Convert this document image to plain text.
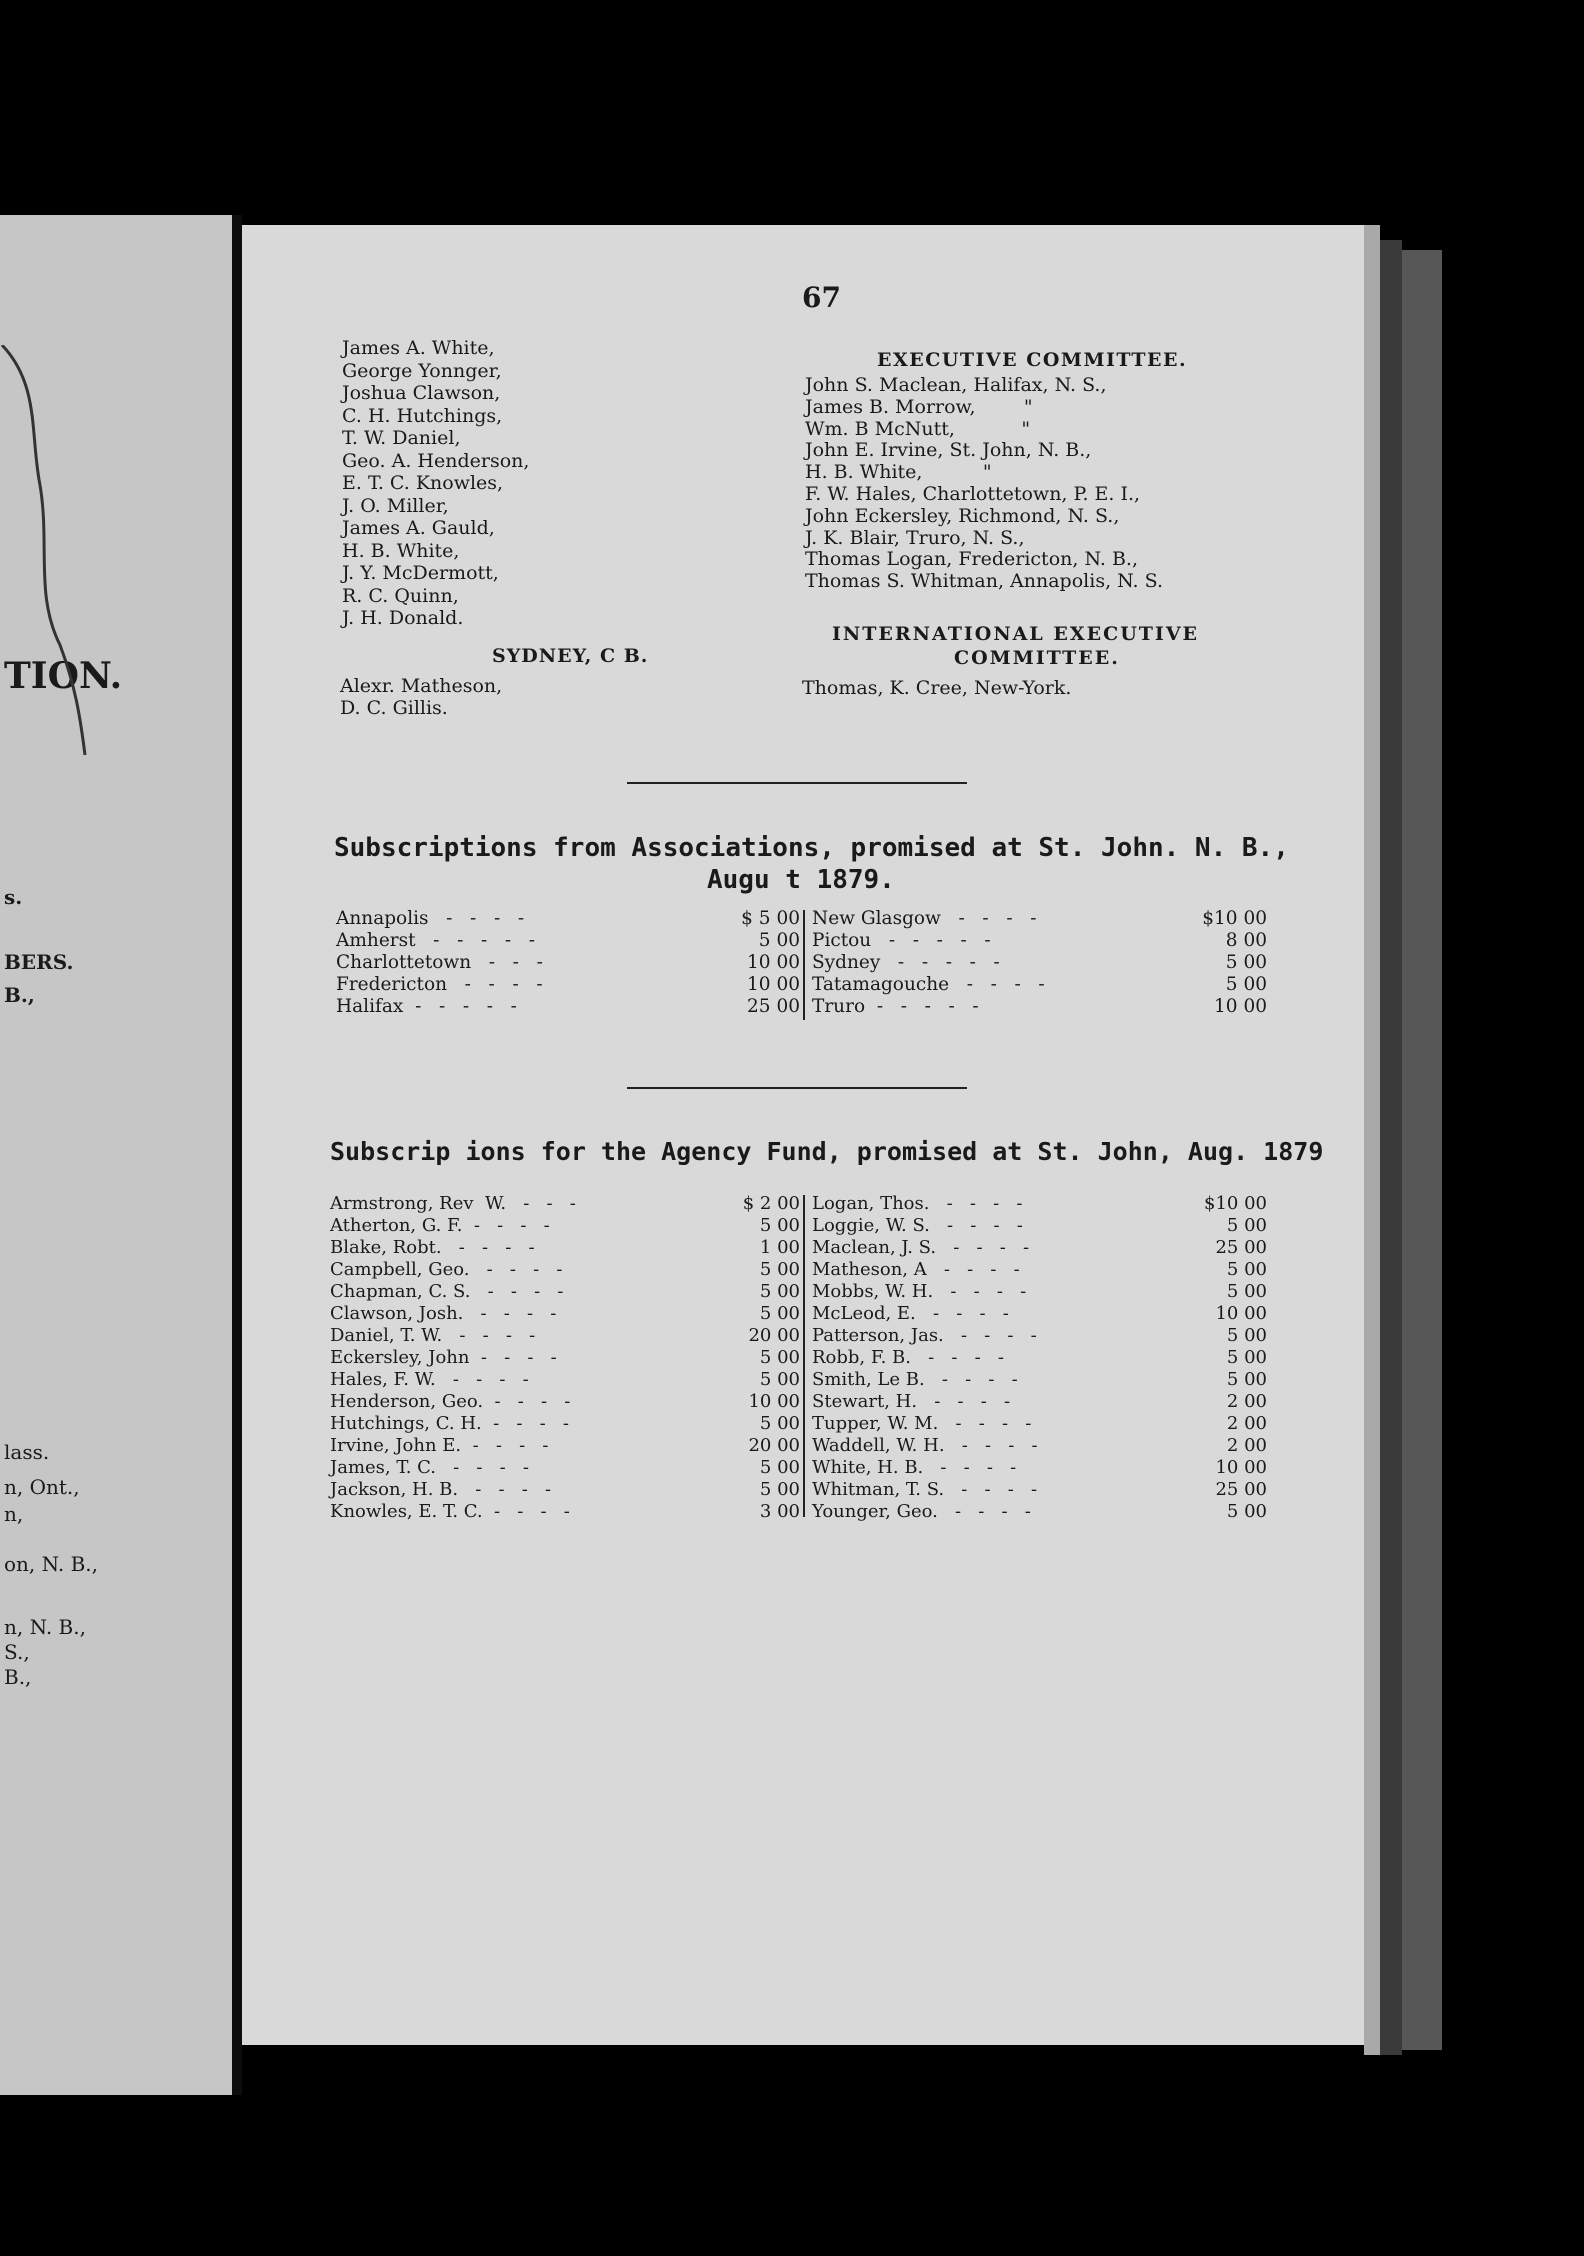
TION.
s.
BERS.
B.,
lass.
n, Ont.,
n,
on, N. B.,
n, N. B.,
S.,
B.,
67
James A. White,
George Yonnger,
Joshua Clawson,
C. H. Hutchings,
T. W. Daniel,
Geo. A. Henderson,
E. T. C. Knowles,
J. O. Miller,
James A. Gauld,
H. B. White,
J. Y. McDermott,
R. C. Quinn,
J. H. Donald.
SYDNEY, C B.
Alexr. Matheson,
D. C. Gillis.
EXECUTIVE COMMITTEE.
John S. Maclean, Halifax, N. S.,
James B. Morrow,        "
Wm. B McNutt,           "
John E. Irvine, St. John, N. B.,
H. B. White,          "
F. W. Hales, Charlottetown, P. E. I.,
John Eckersley, Richmond, N. S.,
J. K. Blair, Truro, N. S.,
Thomas Logan, Fredericton, N. B.,
Thomas S. Whitman, Annapolis, N. S.
INTERNATIONAL EXECUTIVE
COMMITTEE.
Thomas, K. Cree, New-York.
Subscriptions from Associations, promised at St. John. N. B.,
Augu t 1879.
Annapolis   -   -   -   -	$ 5 00
Amherst   -   -   -   -   -	5 00
Charlottetown   -   -   -	10 00
Fredericton   -   -   -   -	10 00
Halifax  -   -   -   -   -	25 00
New Glasgow   -   -   -   -	$10 00
Pictou   -   -   -   -   -	8 00
Sydney   -   -   -   -   -	5 00
Tatamagouche   -   -   -   -	5 00
Truro  -   -   -   -   -	10 00
Subscrip ions for the Agency Fund, promised at St. John, Aug. 1879
Armstrong, Rev  W.   -   -   -	$ 2 00
Atherton, G. F.  -   -   -   -	5 00
Blake, Robt.   -   -   -   -	1 00
Campbell, Geo.   -   -   -   -	5 00
Chapman, C. S.   -   -   -   -	5 00
Clawson, Josh.   -   -   -   -	5 00
Daniel, T. W.   -   -   -   -	20 00
Eckersley, John  -   -   -   -	5 00
Hales, F. W.   -   -   -   -	5 00
Henderson, Geo.  -   -   -   -	10 00
Hutchings, C. H.  -   -   -   -	5 00
Irvine, John E.  -   -   -   -	20 00
James, T. C.   -   -   -   -	5 00
Jackson, H. B.   -   -   -   -	5 00
Knowles, E. T. C.  -   -   -   -	3 00
Logan, Thos.   -   -   -   -	$10 00
Loggie, W. S.   -   -   -   -	5 00
Maclean, J. S.   -   -   -   -	25 00
Matheson, A   -   -   -   -	5 00
Mobbs, W. H.   -   -   -   -	5 00
McLeod, E.   -   -   -   -	10 00
Patterson, Jas.   -   -   -   -	5 00
Robb, F. B.   -   -   -   -	5 00
Smith, Le B.   -   -   -   -	5 00
Stewart, H.   -   -   -   -	2 00
Tupper, W. M.   -   -   -   -	2 00
Waddell, W. H.   -   -   -   -	2 00
White, H. B.   -   -   -   -	10 00
Whitman, T. S.   -   -   -   -	25 00
Younger, Geo.   -   -   -   -	5 00
